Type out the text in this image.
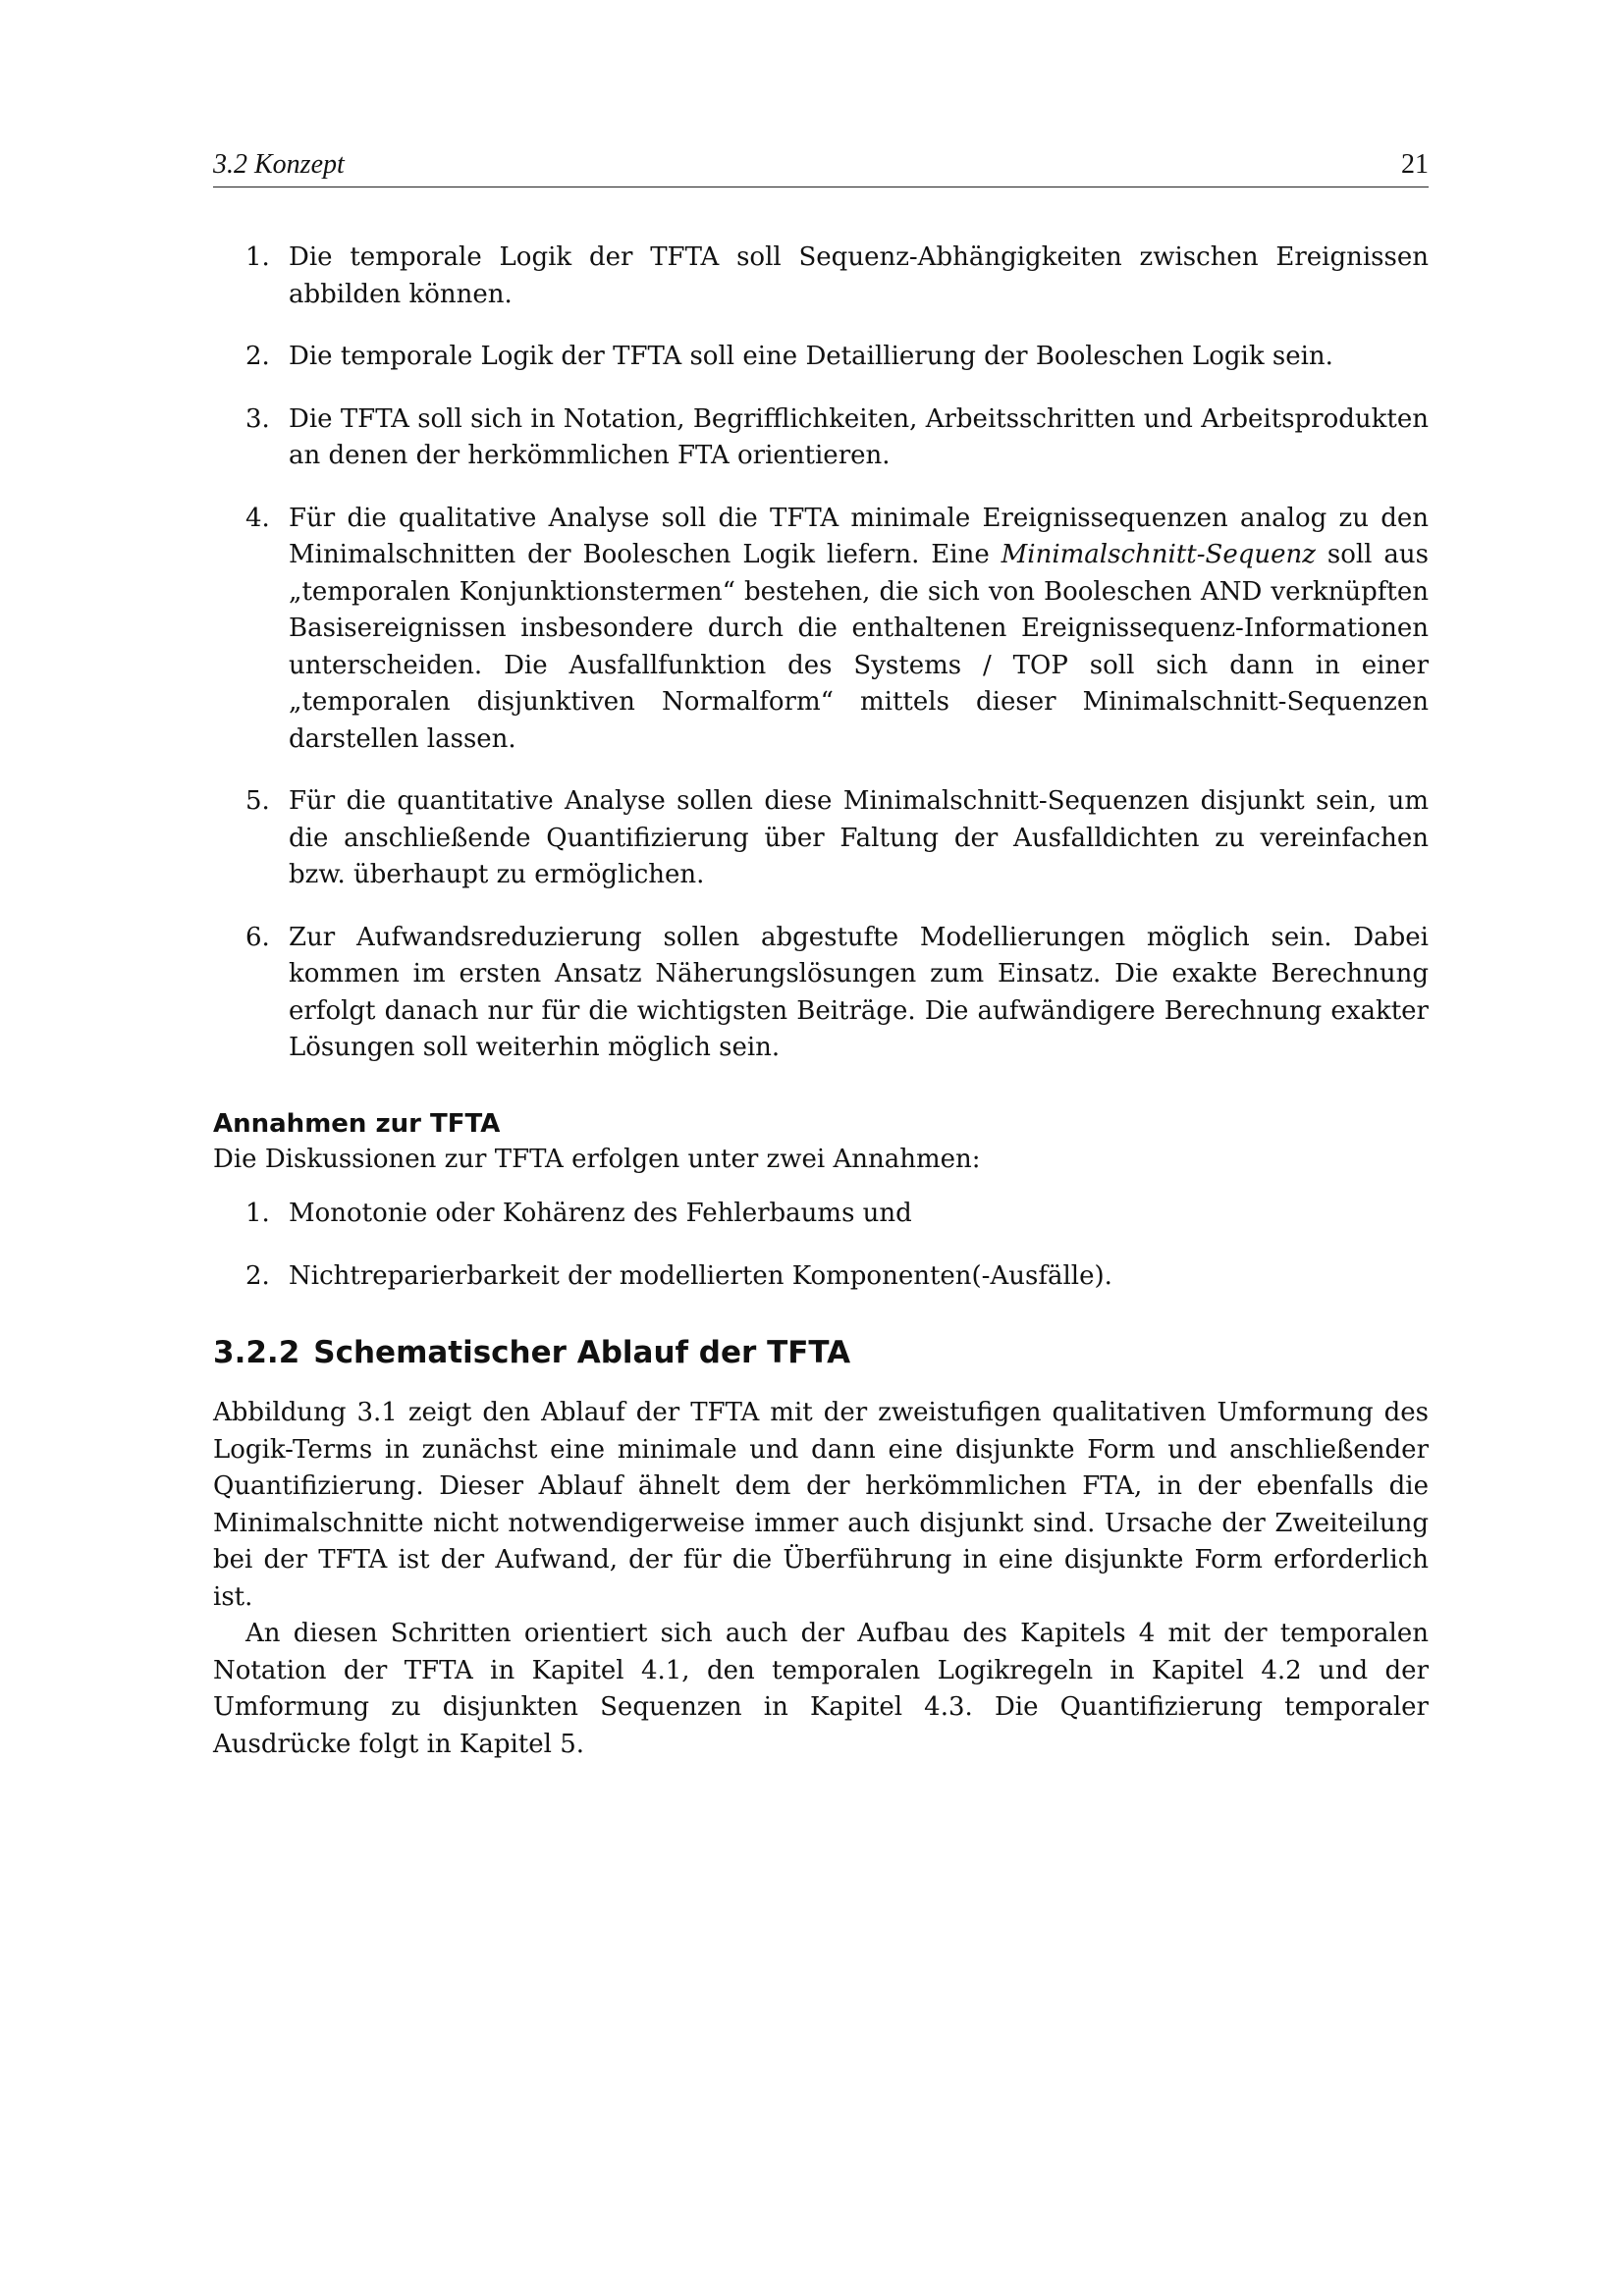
3.2 Konzept	21
1. Die temporale Logik der TFTA soll Sequenz-Abhängigkeiten zwischen Ereignissen abbilden können.
2. Die temporale Logik der TFTA soll eine Detaillierung der Booleschen Logik sein.
3. Die TFTA soll sich in Notation, Begrifflichkeiten, Arbeitsschritten und Arbeitsprodukten an denen der herkömmlichen FTA orientieren.
4. Für die qualitative Analyse soll die TFTA minimale Ereignissequenzen analog zu den Minimalschnitten der Booleschen Logik liefern. Eine Minimalschnitt-Sequenz soll aus „temporalen Konjunktionstermen“ bestehen, die sich von Booleschen AND verknüpften Basisereignissen insbesondere durch die enthaltenen Ereignissequenz-Informationen unterscheiden. Die Ausfallfunktion des Systems / TOP soll sich dann in einer „temporalen disjunktiven Normalform“ mittels dieser Minimalschnitt-Sequenzen darstellen lassen.
5. Für die quantitative Analyse sollen diese Minimalschnitt-Sequenzen disjunkt sein, um die anschließende Quantifizierung über Faltung der Ausfalldichten zu vereinfachen bzw. überhaupt zu ermöglichen.
6. Zur Aufwandsreduzierung sollen abgestufte Modellierungen möglich sein. Dabei kommen im ersten Ansatz Näherungslösungen zum Einsatz. Die exakte Berechnung erfolgt danach nur für die wichtigsten Beiträge. Die aufwändigere Berechnung exakter Lösungen soll weiterhin möglich sein.
Annahmen zur TFTA

Die Diskussionen zur TFTA erfolgen unter zwei Annahmen:

1. Monotonie oder Kohärenz des Fehlerbaums und
2. Nichtreparierbarkeit der modellierten Komponenten(-Ausfälle).
3.2.2 Schematischer Ablauf der TFTA

Abbildung 3.1 zeigt den Ablauf der TFTA mit der zweistufigen qualitativen Umformung des Logik-Terms in zunächst eine minimale und dann eine disjunkte Form und anschließender Quantifizierung. Dieser Ablauf ähnelt dem der herkömmlichen FTA, in der ebenfalls die Minimalschnitte nicht notwendigerweise immer auch disjunkt sind. Ursache der Zweiteilung bei der TFTA ist der Aufwand, der für die Überführung in eine disjunkte Form erforderlich ist.

An diesen Schritten orientiert sich auch der Aufbau des Kapitels 4 mit der temporalen Notation der TFTA in Kapitel 4.1, den temporalen Logikregeln in Kapitel 4.2 und der Umformung zu disjunkten Sequenzen in Kapitel 4.3. Die Quantifizierung temporaler Ausdrücke folgt in Kapitel 5.
